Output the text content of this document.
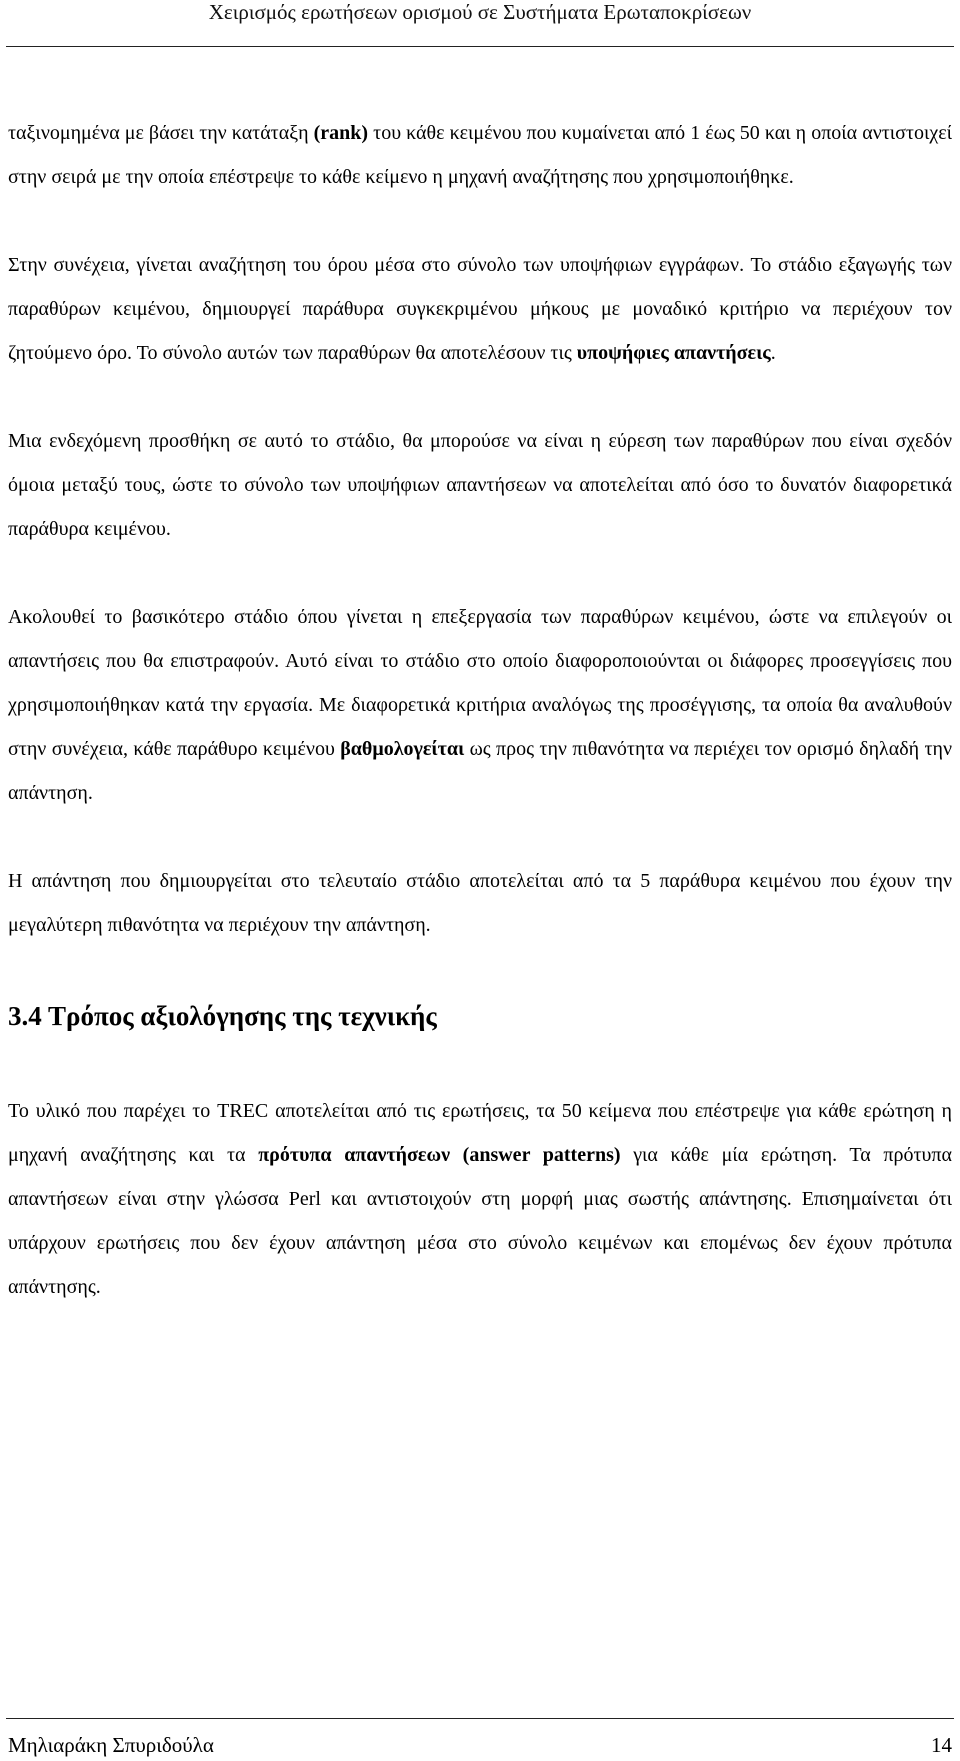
Χειρισμός ερωτήσεων ορισμού σε Συστήματα Ερωταποκρίσεων

ταξινομημένα με βάσει την κατάταξη (rank) του κάθε κειμένου που κυμαίνεται από 1 έως 50 και η οποία αντιστοιχεί στην σειρά με την οποία επέστρεψε το κάθε κείμενο η μηχανή αναζήτησης που χρησιμοποιήθηκε.

Στην συνέχεια, γίνεται αναζήτηση του όρου μέσα στο σύνολο των υποψήφιων εγγράφων. Το στάδιο εξαγωγής των παραθύρων κειμένου, δημιουργεί παράθυρα συγκεκριμένου μήκους με μοναδικό κριτήριο να περιέχουν τον ζητούμενο όρο. Το σύνολο αυτών των παραθύρων θα αποτελέσουν τις υποψήφιες απαντήσεις.

Μια ενδεχόμενη προσθήκη σε αυτό το στάδιο, θα μπορούσε να είναι η εύρεση των παραθύρων που είναι σχεδόν όμοια μεταξύ τους, ώστε το σύνολο των υποψήφιων απαντήσεων να αποτελείται από όσο το δυνατόν διαφορετικά παράθυρα κειμένου.

Ακολουθεί το βασικότερο στάδιο όπου γίνεται η επεξεργασία των παραθύρων κειμένου, ώστε να επιλεγούν οι απαντήσεις που θα επιστραφούν. Αυτό είναι το στάδιο στο οποίο διαφοροποιούνται οι διάφορες προσεγγίσεις που χρησιμοποιήθηκαν κατά την εργασία. Με διαφορετικά κριτήρια αναλόγως της προσέγγισης, τα οποία θα αναλυθούν στην συνέχεια, κάθε παράθυρο κειμένου βαθμολογείται ως προς την πιθανότητα να περιέχει τον ορισμό δηλαδή την απάντηση.

Η απάντηση που δημιουργείται στο τελευταίο στάδιο αποτελείται από τα 5 παράθυρα κειμένου που έχουν την μεγαλύτερη πιθανότητα να περιέχουν την απάντηση.

3.4 Τρόπος αξιολόγησης της τεχνικής

Το υλικό που παρέχει το TREC αποτελείται από τις ερωτήσεις, τα 50 κείμενα που επέστρεψε για κάθε ερώτηση η μηχανή αναζήτησης και τα πρότυπα απαντήσεων (answer patterns) για κάθε μία ερώτηση. Τα πρότυπα απαντήσεων είναι στην γλώσσα Perl και αντιστοιχούν στη μορφή μιας σωστής απάντησης. Επισημαίνεται ότι υπάρχουν ερωτήσεις που δεν έχουν απάντηση μέσα στο σύνολο κειμένων και επομένως δεν έχουν πρότυπα απάντησης.

Μηλιαράκη Σπυριδούλα	14
